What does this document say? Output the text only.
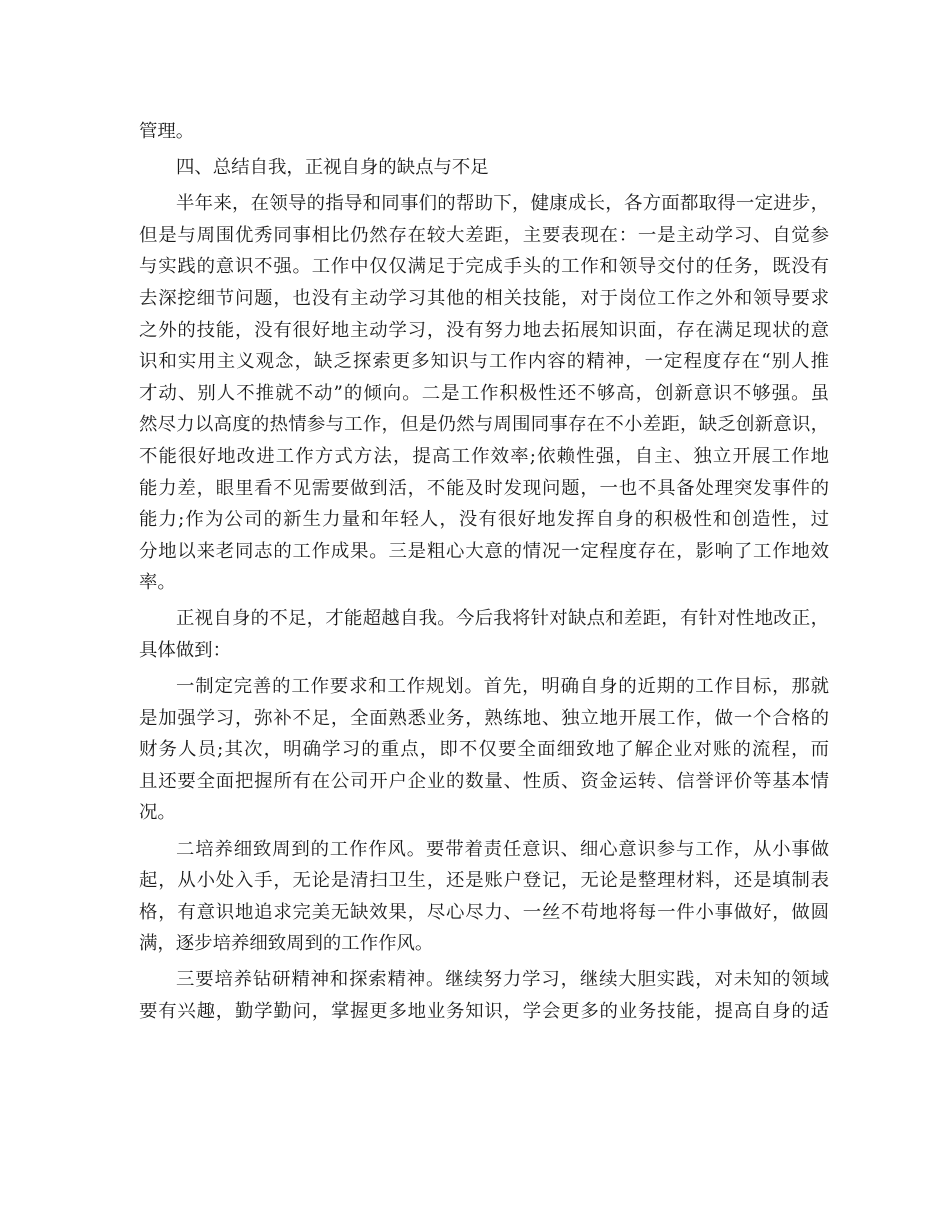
管理。
四、总结自我，正视自身的缺点与不足
半年来，在领导的指导和同事们的帮助下，健康成长，各方面都取得一定进步，
但是与周围优秀同事相比仍然存在较大差距，主要表现在：一是主动学习、自觉参
与实践的意识不强。工作中仅仅满足于完成手头的工作和领导交付的任务，既没有
去深挖细节问题，也没有主动学习其他的相关技能，对于岗位工作之外和领导要求
之外的技能，没有很好地主动学习，没有努力地去拓展知识面，存在满足现状的意
识和实用主义观念，缺乏探索更多知识与工作内容的精神，一定程度存在“别人推
才动、别人不推就不动”的倾向。二是工作积极性还不够高，创新意识不够强。虽
然尽力以高度的热情参与工作，但是仍然与周围同事存在不小差距，缺乏创新意识，
不能很好地改进工作方式方法，提高工作效率;依赖性强，自主、独立开展工作地
能力差，眼里看不见需要做到活，不能及时发现问题，一也不具备处理突发事件的
能力;作为公司的新生力量和年轻人，没有很好地发挥自身的积极性和创造性，过
分地以来老同志的工作成果。三是粗心大意的情况一定程度存在，影响了工作地效
率。
正视自身的不足，才能超越自我。今后我将针对缺点和差距，有针对性地改正，
具体做到：
一制定完善的工作要求和工作规划。首先，明确自身的近期的工作目标，那就
是加强学习，弥补不足，全面熟悉业务，熟练地、独立地开展工作，做一个合格的
财务人员;其次，明确学习的重点，即不仅要全面细致地了解企业对账的流程，而
且还要全面把握所有在公司开户企业的数量、性质、资金运转、信誉评价等基本情
况。
二培养细致周到的工作作风。要带着责任意识、细心意识参与工作，从小事做
起，从小处入手，无论是清扫卫生，还是账户登记，无论是整理材料，还是填制表
格，有意识地追求完美无缺效果，尽心尽力、一丝不苟地将每一件小事做好，做圆
满，逐步培养细致周到的工作作风。
三要培养钻研精神和探索精神。继续努力学习，继续大胆实践，对未知的领域
要有兴趣，勤学勤问，掌握更多地业务知识，学会更多的业务技能，提高自身的适
